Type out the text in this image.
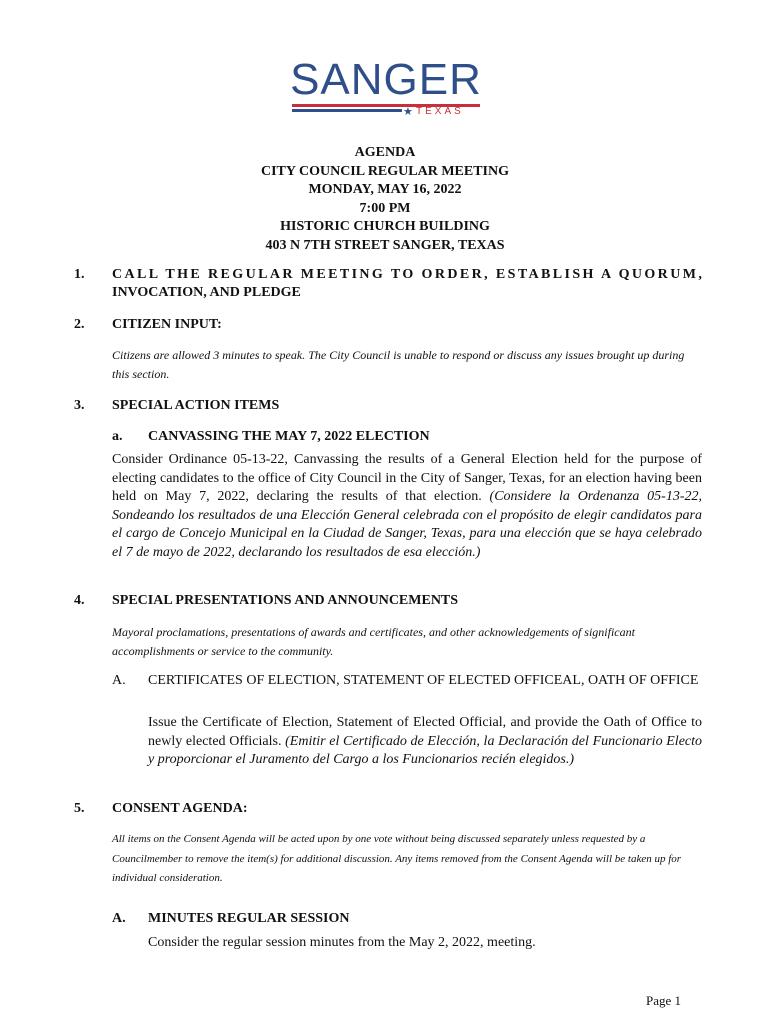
SANGER
★ TEXAS
AGENDA
CITY COUNCIL REGULAR MEETING
MONDAY, MAY 16, 2022
7:00 PM
HISTORIC CHURCH BUILDING
403 N 7TH STREET SANGER, TEXAS
1. CALL THE REGULAR MEETING TO ORDER, ESTABLISH A QUORUM,
INVOCATION, AND PLEDGE
2. CITIZEN INPUT:
Citizens are allowed 3 minutes to speak. The City Council is unable to respond or discuss any issues brought up during this section.
3. SPECIAL ACTION ITEMS
a. CANVASSING THE MAY 7, 2022 ELECTION
Consider Ordinance 05-13-22, Canvassing the results of a General Election held for the purpose of electing candidates to the office of City Council in the City of Sanger, Texas, for an election having been held on May 7, 2022, declaring the results of that election. (Considere la Ordenanza 05-13-22, Sondeando los resultados de una Elección General celebrada con el propósito de elegir candidatos para el cargo de Concejo Municipal en la Ciudad de Sanger, Texas, para una elección que se haya celebrado el 7 de mayo de 2022, declarando los resultados de esa elección.)
4. SPECIAL PRESENTATIONS AND ANNOUNCEMENTS
Mayoral proclamations, presentations of awards and certificates, and other acknowledgements of significant accomplishments or service to the community.
A. CERTIFICATES OF ELECTION, STATEMENT OF ELECTED OFFICEAL, OATH OF OFFICE
Issue the Certificate of Election, Statement of Elected Official, and provide the Oath of Office to newly elected Officials. (Emitir el Certificado de Elección, la Declaración del Funcionario Electo y proporcionar el Juramento del Cargo a los Funcionarios recién elegidos.)
5. CONSENT AGENDA:
All items on the Consent Agenda will be acted upon by one vote without being discussed separately unless requested by a Councilmember to remove the item(s) for additional discussion. Any items removed from the Consent Agenda will be taken up for individual consideration.
A. MINUTES REGULAR SESSION
Consider the regular session minutes from the May 2, 2022, meeting.
Page 1
